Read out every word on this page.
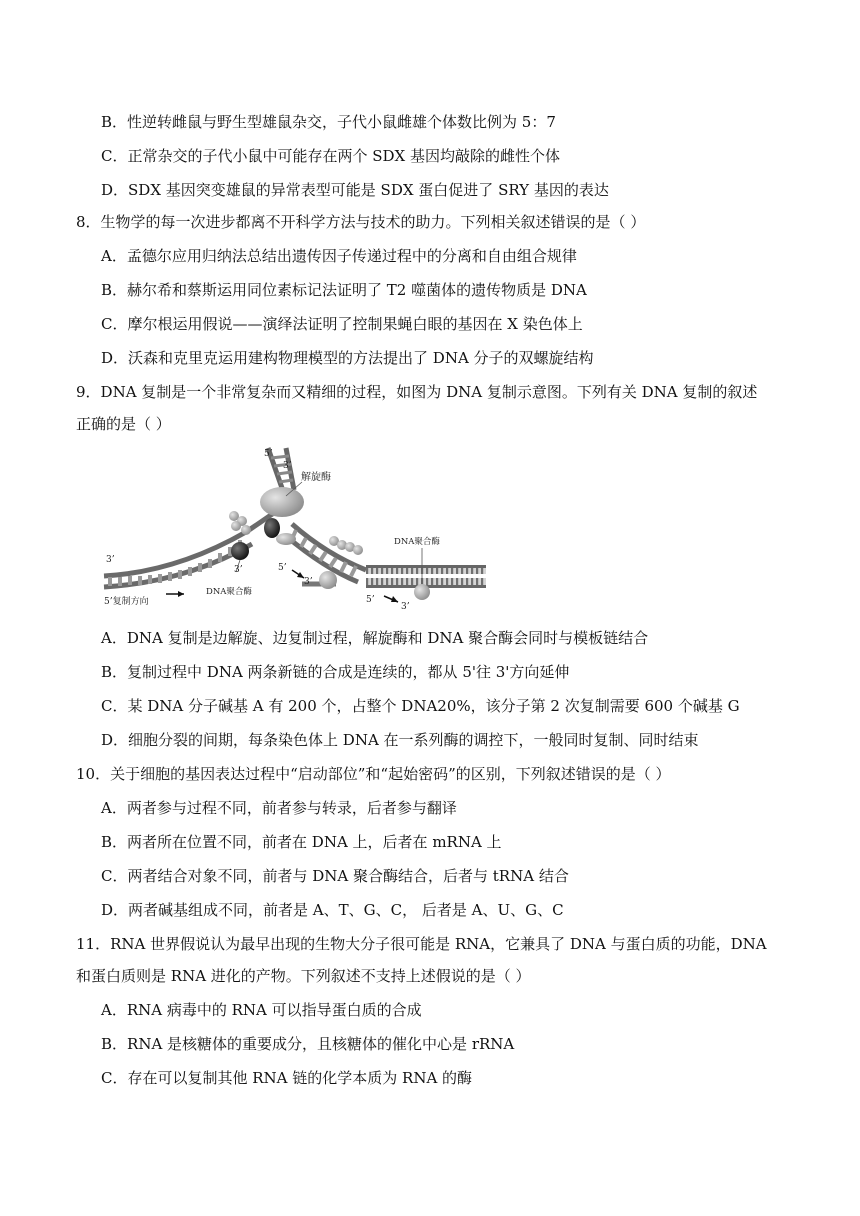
B．性逆转雌鼠与野生型雄鼠杂交，子代小鼠雌雄个体数比例为 5：7
C．正常杂交的子代小鼠中可能存在两个 SDX 基因均敲除的雌性个体
D．SDX 基因突变雄鼠的异常表型可能是 SDX 蛋白促进了 SRY 基因的表达
8．生物学的每一次进步都离不开科学方法与技术的助力。下列相关叙述错误的是（ ）
A．孟德尔应用归纳法总结出遗传因子传递过程中的分离和自由组合规律
B．赫尔希和蔡斯运用同位素标记法证明了 T2 噬菌体的遗传物质是 DNA
C．摩尔根运用假说——演绎法证明了控制果蝇白眼的基因在 X 染色体上
D．沃森和克里克运用建构物理模型的方法提出了 DNA 分子的双螺旋结构
9．DNA 复制是一个非常复杂而又精细的过程，如图为 DNA 复制示意图。下列有关 DNA 复制的叙述
正确的是（ ）
5’
3’
解旋酶
DNA聚合酶
3’
3’
DNA聚合酶
5’复制方向
5’
3’
5’
3’
A．DNA 复制是边解旋、边复制过程，解旋酶和 DNA 聚合酶会同时与模板链结合
B．复制过程中 DNA 两条新链的合成是连续的，都从 5'往 3'方向延伸
C．某 DNA 分子碱基 A 有 200 个，占整个 DNA20%，该分子第 2 次复制需要 600 个碱基 G
D．细胞分裂的间期，每条染色体上 DNA 在一系列酶的调控下，一般同时复制、同时结束
10．关于细胞的基因表达过程中“启动部位”和“起始密码”的区别，下列叙述错误的是（ ）
A．两者参与过程不同，前者参与转录，后者参与翻译
B．两者所在位置不同，前者在 DNA 上，后者在 mRNA 上
C．两者结合对象不同，前者与 DNA 聚合酶结合，后者与 tRNA 结合
D．两者碱基组成不同，前者是 A、T、G、C， 后者是 A、U、G、C
11．RNA 世界假说认为最早出现的生物大分子很可能是 RNA，它兼具了 DNA 与蛋白质的功能，DNA
和蛋白质则是 RNA 进化的产物。下列叙述不支持上述假说的是（ ）
A．RNA 病毒中的 RNA 可以指导蛋白质的合成
B．RNA 是核糖体的重要成分，且核糖体的催化中心是 rRNA
C．存在可以复制其他 RNA 链的化学本质为 RNA 的酶
